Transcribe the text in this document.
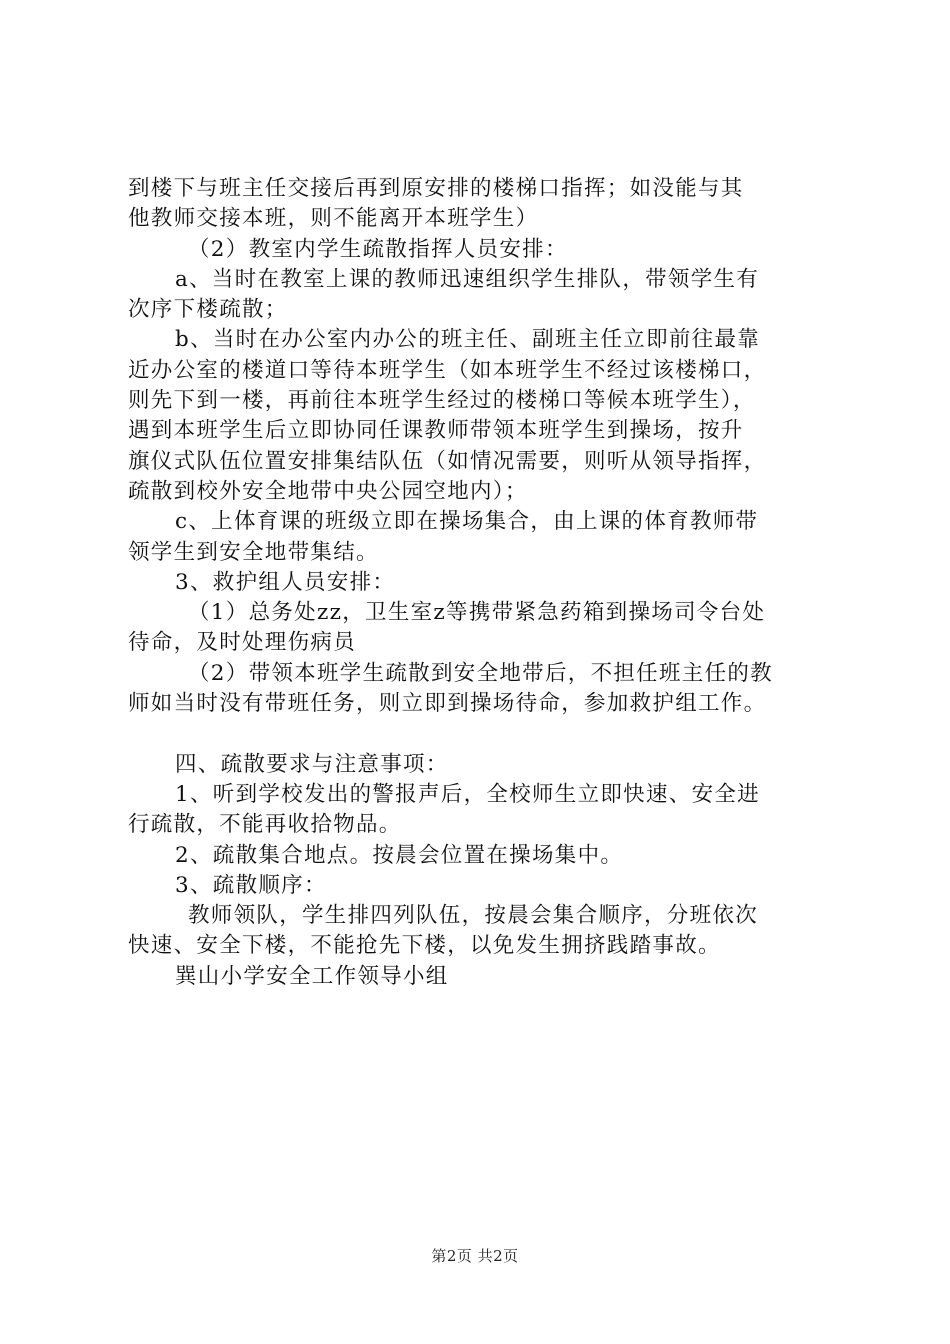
到楼下与班主任交接后再到原安排的楼梯口指挥；如没能与其
他教师交接本班，则不能离开本班学生）
（2）教室内学生疏散指挥人员安排：
a、当时在教室上课的教师迅速组织学生排队，带领学生有
次序下楼疏散；
b、当时在办公室内办公的班主任、副班主任立即前往最靠
近办公室的楼道口等待本班学生（如本班学生不经过该楼梯口，
则先下到一楼，再前往本班学生经过的楼梯口等候本班学生），
遇到本班学生后立即协同任课教师带领本班学生到操场，按升
旗仪式队伍位置安排集结队伍（如情况需要，则听从领导指挥，
疏散到校外安全地带中央公园空地内）；
c、上体育课的班级立即在操场集合，由上课的体育教师带
领学生到安全地带集结。
3、救护组人员安排：
（1）总务处zz，卫生室z等携带紧急药箱到操场司令台处
待命，及时处理伤病员
（2）带领本班学生疏散到安全地带后，不担任班主任的教
师如当时没有带班任务，则立即到操场待命，参加救护组工作。
四、疏散要求与注意事项：
1、听到学校发出的警报声后，全校师生立即快速、安全进
行疏散，不能再收拾物品。
2、疏散集合地点。按晨会位置在操场集中。
3、疏散顺序：
教师领队，学生排四列队伍，按晨会集合顺序，分班依次
快速、安全下楼，不能抢先下楼，以免发生拥挤践踏事故。
巽山小学安全工作领导小组
第2页 共2页
